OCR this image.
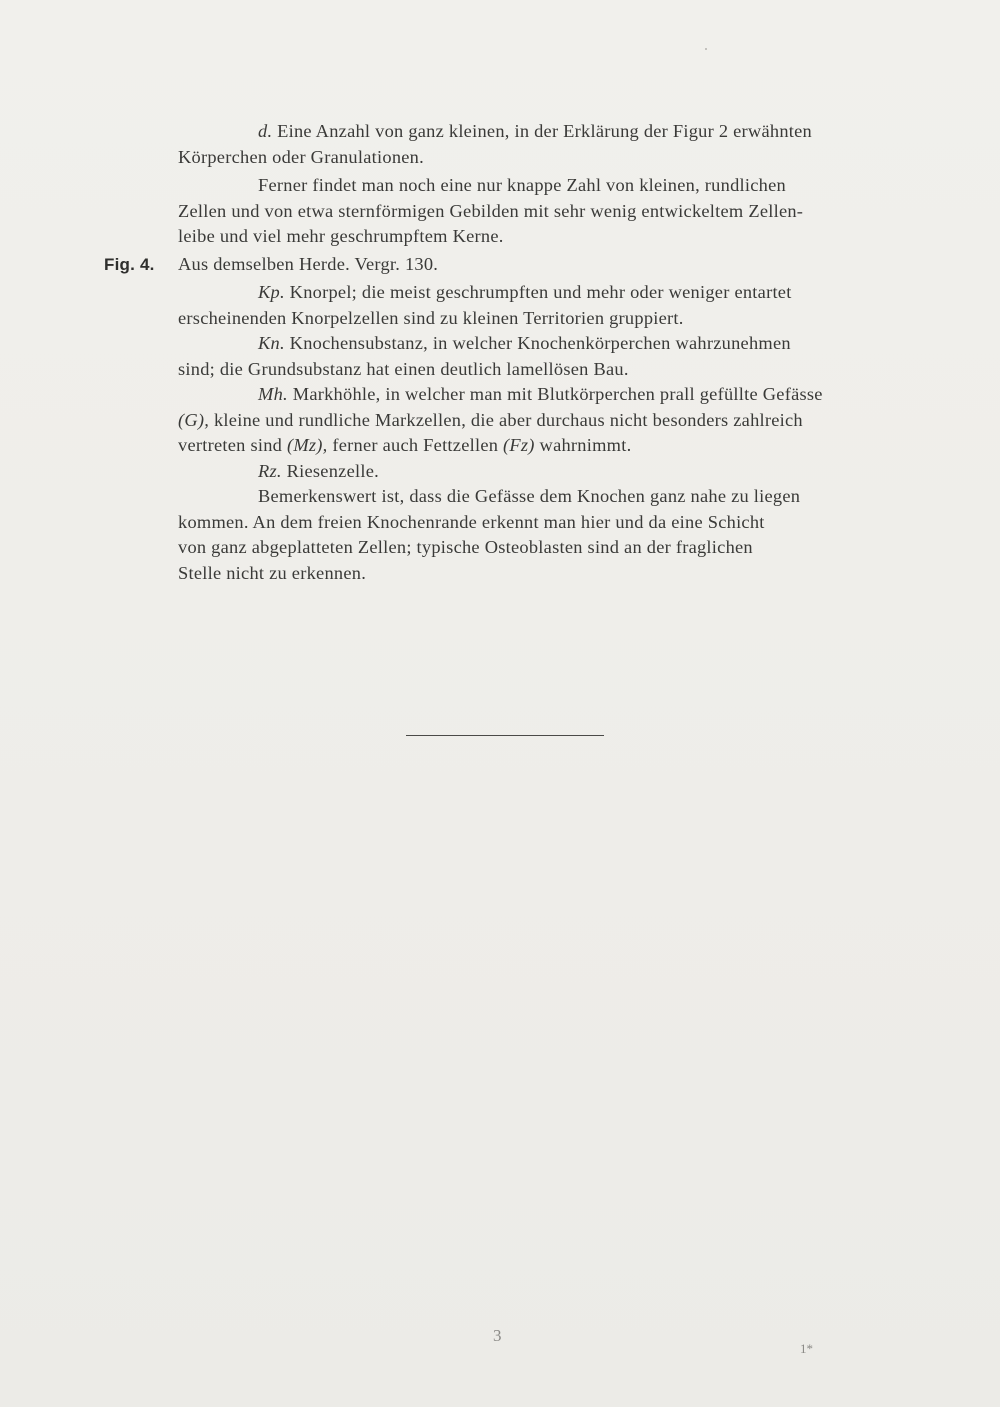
d. Eine Anzahl von ganz kleinen, in der Erklärung der Figur 2 erwähnten
Körperchen oder Granulationen.
Ferner findet man noch eine nur knappe Zahl von kleinen, rundlichen
Zellen und von etwa sternförmigen Gebilden mit sehr wenig entwickeltem Zellen-
leibe und viel mehr geschrumpftem Kerne.
Fig. 4. Aus demselben Herde. Vergr. 130.
Kp. Knorpel; die meist geschrumpften und mehr oder weniger entartet
erscheinenden Knorpelzellen sind zu kleinen Territorien gruppiert.
Kn. Knochensubstanz, in welcher Knochenkörperchen wahrzunehmen
sind; die Grundsubstanz hat einen deutlich lamellösen Bau.
Mh. Markhöhle, in welcher man mit Blutkörperchen prall gefüllte Gefässe
(G), kleine und rundliche Markzellen, die aber durchaus nicht besonders zahlreich
vertreten sind (Mz), ferner auch Fettzellen (Fz) wahrnimmt.
Rz. Riesenzelle.
Bemerkenswert ist, dass die Gefässe dem Knochen ganz nahe zu liegen
kommen. An dem freien Knochenrande erkennt man hier und da eine Schicht
von ganz abgeplatteten Zellen; typische Osteoblasten sind an der fraglichen
Stelle nicht zu erkennen.
3
1*
